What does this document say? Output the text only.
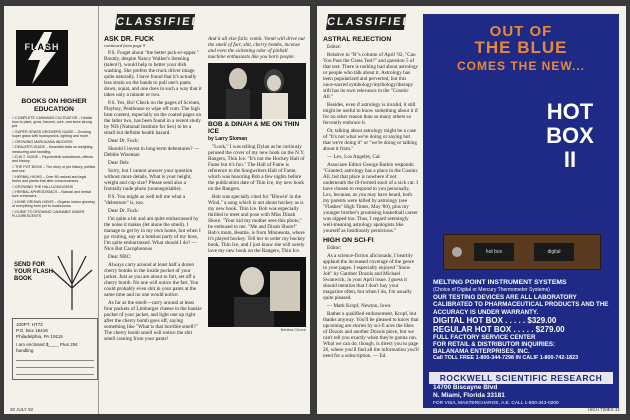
FLASH
BOOKS ON HIGHER EDUCATION
□ COMPLETE CANNABIS CULTIVATOR – Details how to plant, grow, harvest, cure, and store strong pot.
□ SUPER GRASS GROWERS GUIDE – Growing super grass with hydroponics, lighting and more.
□ GROWING MARIJUANA INDOORS
□ DEALER'S GUIDE – Essential facts on weighing, measuring and handling.
□ D.W.T. GUIDE – Psychedelic substances, effects and history.
□ THE POT BOOK – The story of pot history, politics and use.
□ HERBAL HIGHS – Over 80 natural and legal herbs and plants that alter consciousness.
□ GROWING THE HALLUCINOGENS
□ HERBAL APHRODISIACS – Natural and herbal love enhancers.
□ HOME GROWN HIGHS – Organic indoor growing of everything from pot to mushrooms.
□ GUIDE TO GROWING CANNABIS UNDER FLUORESCENTS
SEND FOR YOUR FLASH BOOK
100PT. HT72
P.O. Box 16416
Philadelphia, PA 19115
I am enclosed $____ Plus 25¢ handling
CLASSIFIEDS
ASK DR. FUCK
continued from page 9

P.S. Forget about "the better pick-er-upper." Bounty, despite Nancy Walker's listening (talent?), would help to better your dish washing. She prefers the truck driver image quite naturally. I have found that it's actually less strain on the hands to pull one's pants down, squat, and one does in such a way that it takes only a minute or two.

P.S. Yes, Bo! Check on the pages of Scream, Playboy, Penthouse to wipe off cum. The high heat content, especially on the coated pages on the latter two, has been found in a recent study by NIS (National Institute for Sex) to be a small but definite health hazard.

Dear Dr. Fuck:

Should I invest in long-term debentures? — Debbie Wiseman

Dear Deb:

Sorry, but I cannot answer your question without more details. What is your height, weight and cup size? Please send also a frontally nude photo (nonnegotiable).

P.S. You might as well tell me what a "debenture" is, too.

Dear Dr. Fuck:

I'm quite a bit and am quite embarrassed by the noise it makes (let alone the smell). I manage to get by in my own home, but when I go visiting, say at a hotshot party of my boss, I'm quite embarrassed. What should I do? — Nice But Cacophonous

Dear NBC:

Always carry around at least half a dozen cherry bombs in the inside pocket of your jacket. Just as you are about to fart, set off a cherry bomb. No one will notice the fart. You could probably even shit in your pants at the same time and no one would notice.

As far as the smell—carry around at least four packets of Limburger cheese in the hankie pocket of your jacket, and light one up right after the cherry bomb goes off, saying something like "What is that horrible smell?" The cherry bomb smell will notice the shit smell coming from your pants!

And it all else fails: vomit. Vomit will drive out the smell of fart, shit, cherry bombs, incense and even the sickening odor of pinball machine enthusiasts like you born people.
BOB & DINAH & ME ON THIN ICE
by Larry Sloman

"Look," I was telling Dylan as he curiously perused the cover of my new book on the N.Y. Rangers, Thin Ice. "It's not the Hockey Hall of Fame but it's fun." The Hall of Fame is reference to the Songwriters Hall of Fame, which was honoring Bob a few nights before the publication date of Thin Ice, my new book on the Rangers.

Bob was specially cited for "Blowin' in the Wind," a song which is not about hockey as is my new book. Thin Ice. Bob was especially thrilled to meet and pose with Miss Dinah Shore. "Your kid my mother sees this photo," he enthused to me. "Me and Dinah Shore!" Bob's mom, Beattie, is from Minnesota, where it's played hockey. Tell her to order my hockey book, Thin Ice, and I just know she will surely love my new book on the Rangers, Thin Ice.

Bettina Cirone
30 JULY 92
CLASSIFIEDS
ASTRAL REJECTION

Editor:

Relative to "R"s column of April '92, "Can You Pass the Grass Test?" and question 5 of that test: There is nothing bad about astrology or people who talk about it. Astrology has been popularized and perverted, but this once-sacred symbology/mythology/therapy still has its own relevance in the "Cosmic All."

Besides, even if astrology is invalid, it still might be useful to know something about it if for no other reason than so many others so fervently embrace it.

Or, talking about astrology might be a case of "It's not what we're doing or saying but that we're doing it" or "we're doing or talking about it from."

— Lex, Los Angeles, Cal.

Associate Editor George Barkin responds: "Granted, astrology has a place in the Cosmic All, but that place is nowhere if not underneath the ill-formed stool of a sick cat. I have chosen to respond to you personally, Lex, because, as you may have heard, both my parents were killed by astrology (see "Flashes" High Times, May '80), plus my younger brother's promising basketball career was nipped too. Thus, I regard seemingly well-meaning astrology apologists like yourself as insidiously pernicious."

HIGH ON SCI-FI

Editor:

As a science-fiction aficionado, I heartily applaud the increased coverage of the genre in your pages. I especially enjoyed "Snow Job" by Gardner Dozois and Michael Swanwick, in your April issue. I guess it should mention that I don't buy your magazine often, but when I do, I'm usually quite pleased.

— Mark Kropf, Newton, Iowa

Rather a qualified endorsement, Kropf, but thanks anyway. You'll be pleased to know that upcoming are stories by sci-fi aces the likes of Dozois and another Dozois piece, but we can't tell you exactly when they're gonna run. What we can do, though, is direct you to page 26, where you'll find all the information you'll need for a subscription. — Ed.

OUT OF
THE BLUE
COMES THE NEW...
HOT
BOX
II
hot box	digital
MELTING POINT INSTRUMENT SYSTEMS
(Choice of Digital or Mercury Thermometer Systems)
OUR TESTING DEVICES ARE ALL LABORATORY CALIBRATED TO PHARMACEUTICAL PRODUCTS AND THE ACCURACY IS UNDER WARRANTY.
DIGITAL HOT BOX . . . . . $329.00
REGULAR HOT BOX . . . . . $279.00
FULL FACTORY SERVICE CENTER
FOR RETAIL & DISTRIBUTOR INQUIRIES:
BALANAMA ENTERPRISES, INC.
Call TOLL FREE 1-800-344-7298 IN CALIF 1-800-742-1823
ROCKWELL SCIENTIFIC RESEARCH
14700 Biscayne Blvd
N. Miami, Florida 33181
FOR VISA, MASTERCHARGE, A.E. CALL 1-800-343-0200
HIGH TIMES 31
